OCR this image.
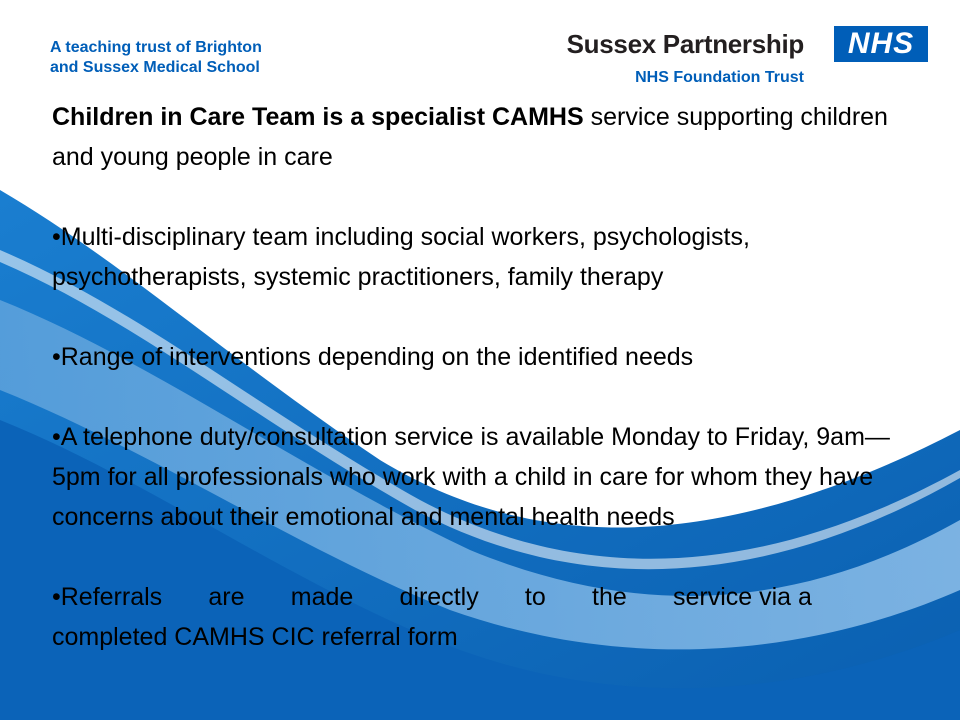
A teaching trust of Brighton
and Sussex Medical School
Sussex Partnership
NHS Foundation Trust
NHS

Children in Care Team is a specialist CAMHS service supporting children and young people in care

•Multi-disciplinary team including social workers, psychologists, psychotherapists, systemic practitioners, family therapy

•Range of interventions depending on the identified needs

•A telephone duty/consultation service is available Monday to Friday, 9am—5pm for all professionals who work with a child in care for whom they have concerns about their emotional and mental health needs

•Referrals are made directly to the service via a
completed CAMHS CIC referral form
